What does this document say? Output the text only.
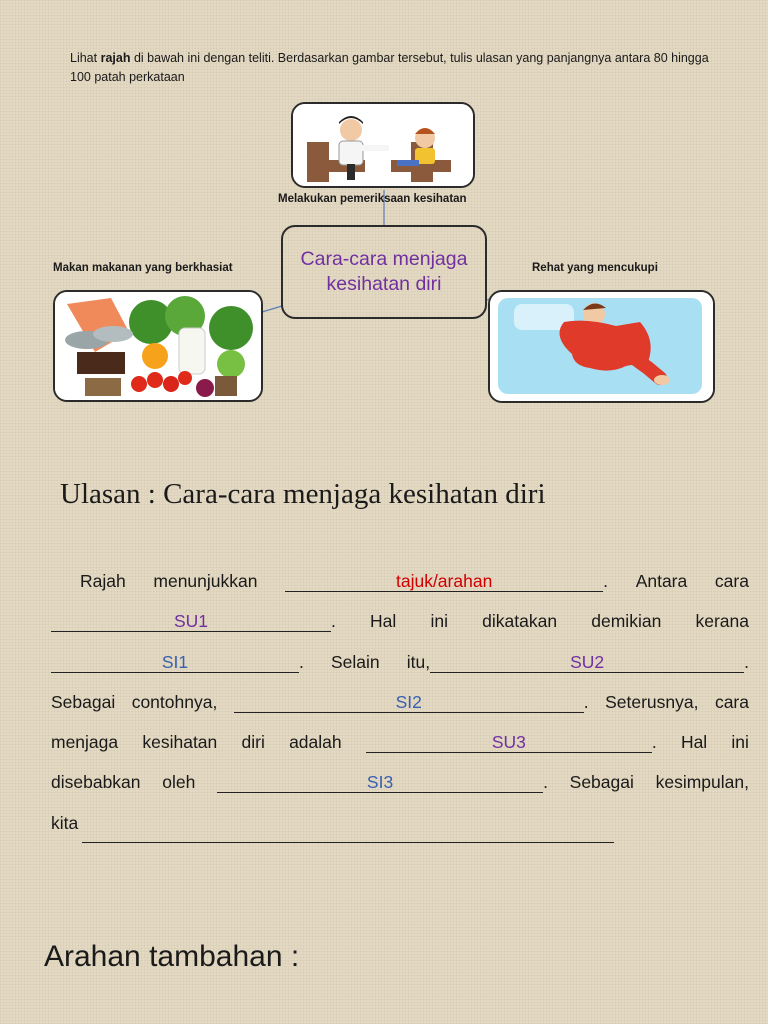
Lihat rajah di bawah ini dengan teliti. Berdasarkan gambar tersebut, tulis ulasan yang panjangnya antara 80 hingga 100 patah perkataan
Melakukan pemeriksaan kesihatan
Cara-cara menjaga kesihatan diri
Makan makanan yang berkhasiat	Rehat yang mencukupi
Ulasan : Cara-cara menjaga kesihatan diri
Rajah menunjukkan	tajuk/arahan	. Antara cara
SU1	. Hal ini dikatakan demikian kerana
SI1	. Selain itu,	SU2	.
Sebagai contohnya,	SI2	. Seterusnya, cara
menjaga kesihatan diri adalah	SU3	. Hal ini
disebabkan oleh	SI3	. Sebagai kesimpulan,
kita
Arahan tambahan :
